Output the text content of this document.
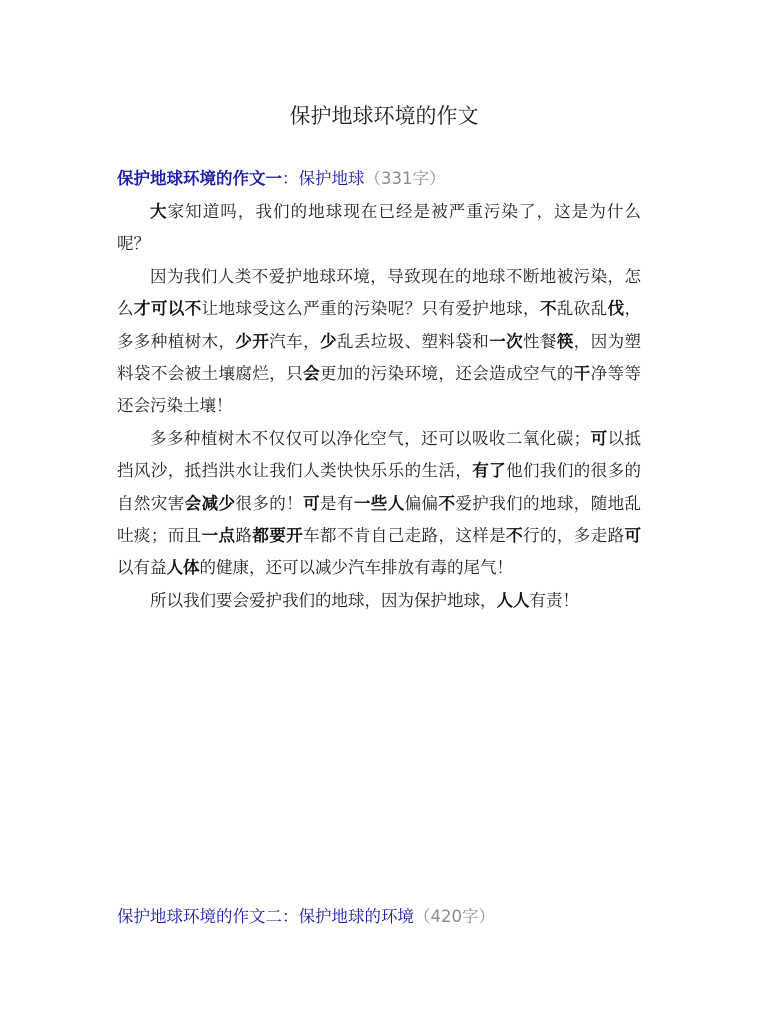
保护地球环境的作文
保护地球环境的作文一：保护地球（331字）

大家知道吗，我们的地球现在已经是被严重污染了，这是为什么呢？

因为我们人类不爱护地球环境，导致现在的地球不断地被污染，怎么才可以不让地球受这么严重的污染呢？只有爱护地球，不乱砍乱伐，多多种植树木，少开汽车，少乱丢垃圾、塑料袋和一次性餐筷，因为塑料袋不会被土壤腐烂，只会更加的污染环境，还会造成空气的干净等等还会污染土壤！

多多种植树木不仅仅可以净化空气，还可以吸收二氧化碳；可以抵挡风沙，抵挡洪水让我们人类快快乐乐的生活，有了他们我们的很多的自然灾害会减少很多的！可是有一些人偏偏不爱护我们的地球，随地乱吐痰；而且一点路都要开车都不肯自己走路，这样是不行的，多走路可以有益人体的健康，还可以减少汽车排放有毒的尾气！

所以我们要会爱护我们的地球，因为保护地球，人人有责！

保护地球环境的作文二：保护地球的环境（420字）
